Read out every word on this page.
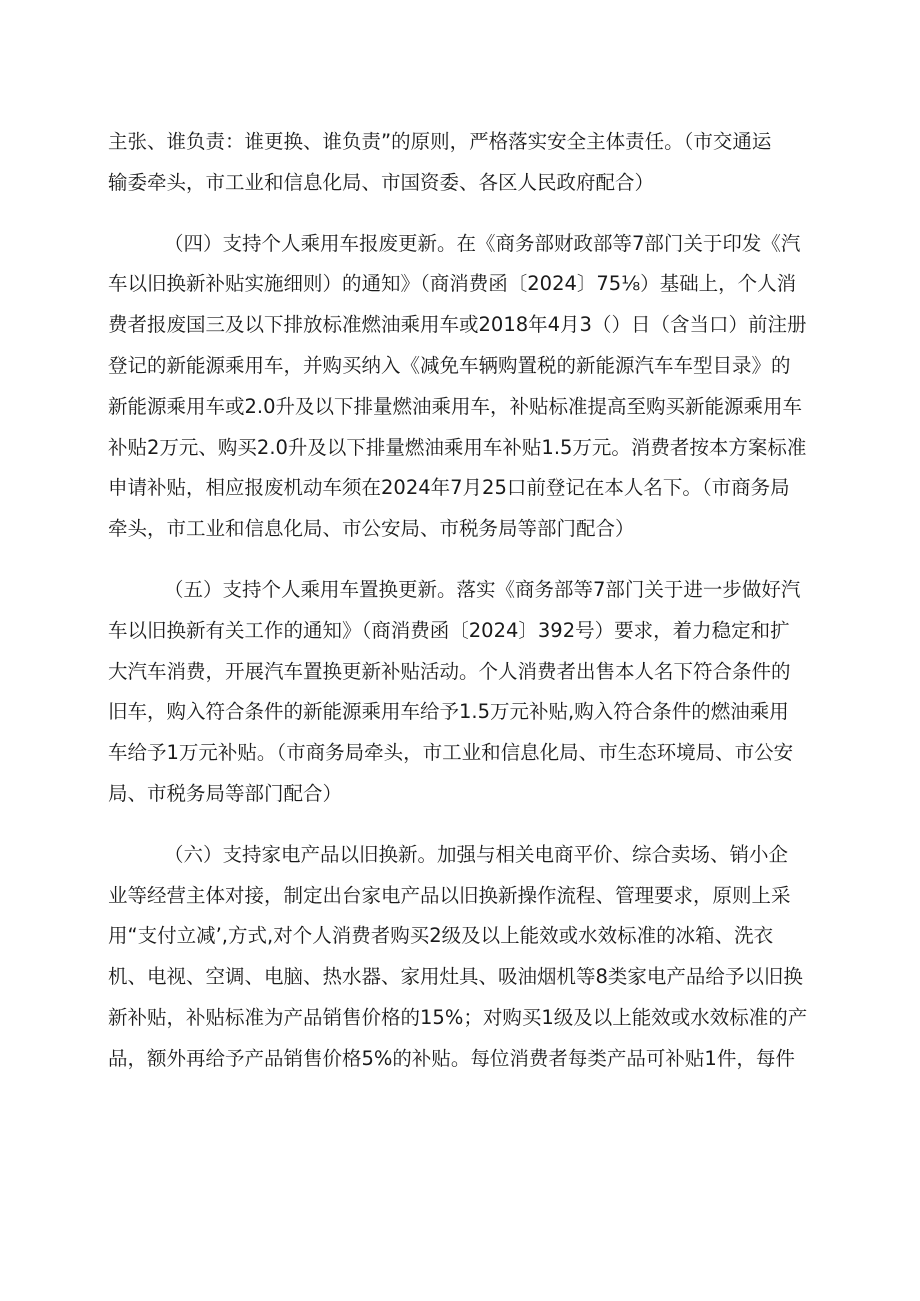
主张、谁负责：谁更换、谁负责”的原则，严格落实安全主体责任。（市交通运
输委牵头，市工业和信息化局、市国资委、各区人民政府配合）

（四）支持个人乘用车报废更新。在《商务部财政部等7部门关于印发《汽
车以旧换新补贴实施细则）的通知》（商消费函〔2024〕75⅛）基础上，个人消
费者报废国三及以下排放标准燃油乘用车或2018年4月3（）日（含当口）前注册
登记的新能源乘用车，并购买纳入《减免车辆购置税的新能源汽车车型目录》的
新能源乘用车或2.0升及以下排量燃油乘用车，补贴标准提高至购买新能源乘用车
补贴2万元、购买2.0升及以下排量燃油乘用车补贴1.5万元。消费者按本方案标准
申请补贴，相应报废机动车须在2024年7月25口前登记在本人名下。（市商务局
牵头，市工业和信息化局、市公安局、市税务局等部门配合）

（五）支持个人乘用车置换更新。落实《商务部等7部门关于进一步做好汽
车以旧换新有关工作的通知》（商消费函〔2024〕392号）要求，着力稳定和扩
大汽车消费，开展汽车置换更新补贴活动。个人消费者出售本人名下符合条件的
旧车，购入符合条件的新能源乘用车给予1.5万元补贴,购入符合条件的燃油乘用
车给予1万元补贴。（市商务局牵头，市工业和信息化局、市生态环境局、市公安
局、市税务局等部门配合）

（六）支持家电产品以旧换新。加强与相关电商平价、综合卖场、销小企
业等经营主体对接，制定出台家电产品以旧换新操作流程、管理要求，原则上采
用“支付立减’,方式,对个人消费者购买2级及以上能效或水效标准的冰箱、洗衣
机、电视、空调、电脑、热水器、家用灶具、吸油烟机等8类家电产品给予以旧换
新补贴，补贴标准为产品销售价格的15%；对购买1级及以上能效或水效标准的产
品，额外再给予产品销售价格5%的补贴。每位消费者每类产品可补贴1件，每件
